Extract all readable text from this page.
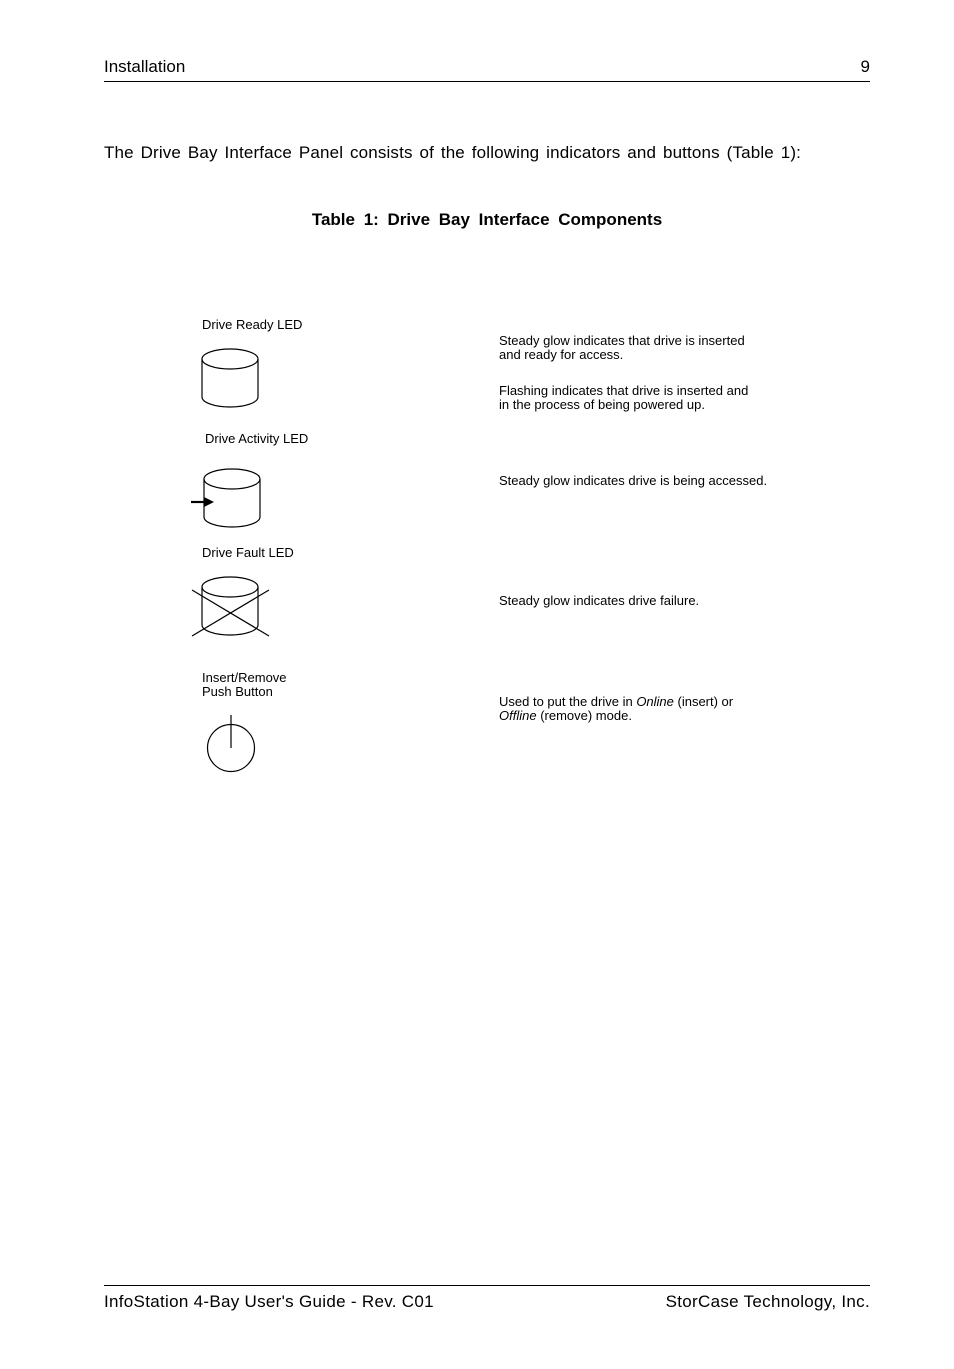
Installation	9
The Drive Bay Interface Panel consists of the following indicators and buttons (Table 1):
Table 1: Drive Bay Interface Components
Drive Ready LED
Steady glow indicates that drive is inserted
and ready for access.
Flashing indicates that drive is inserted and
in the process of being powered up.
Drive Activity LED
Steady glow indicates drive is being accessed.
Drive Fault LED
Steady glow indicates drive failure.
Insert/Remove
Push Button
Used to put the drive in Online (insert) or
Offline (remove) mode.
InfoStation 4-Bay User's Guide - Rev. C01	StorCase Technology, Inc.
